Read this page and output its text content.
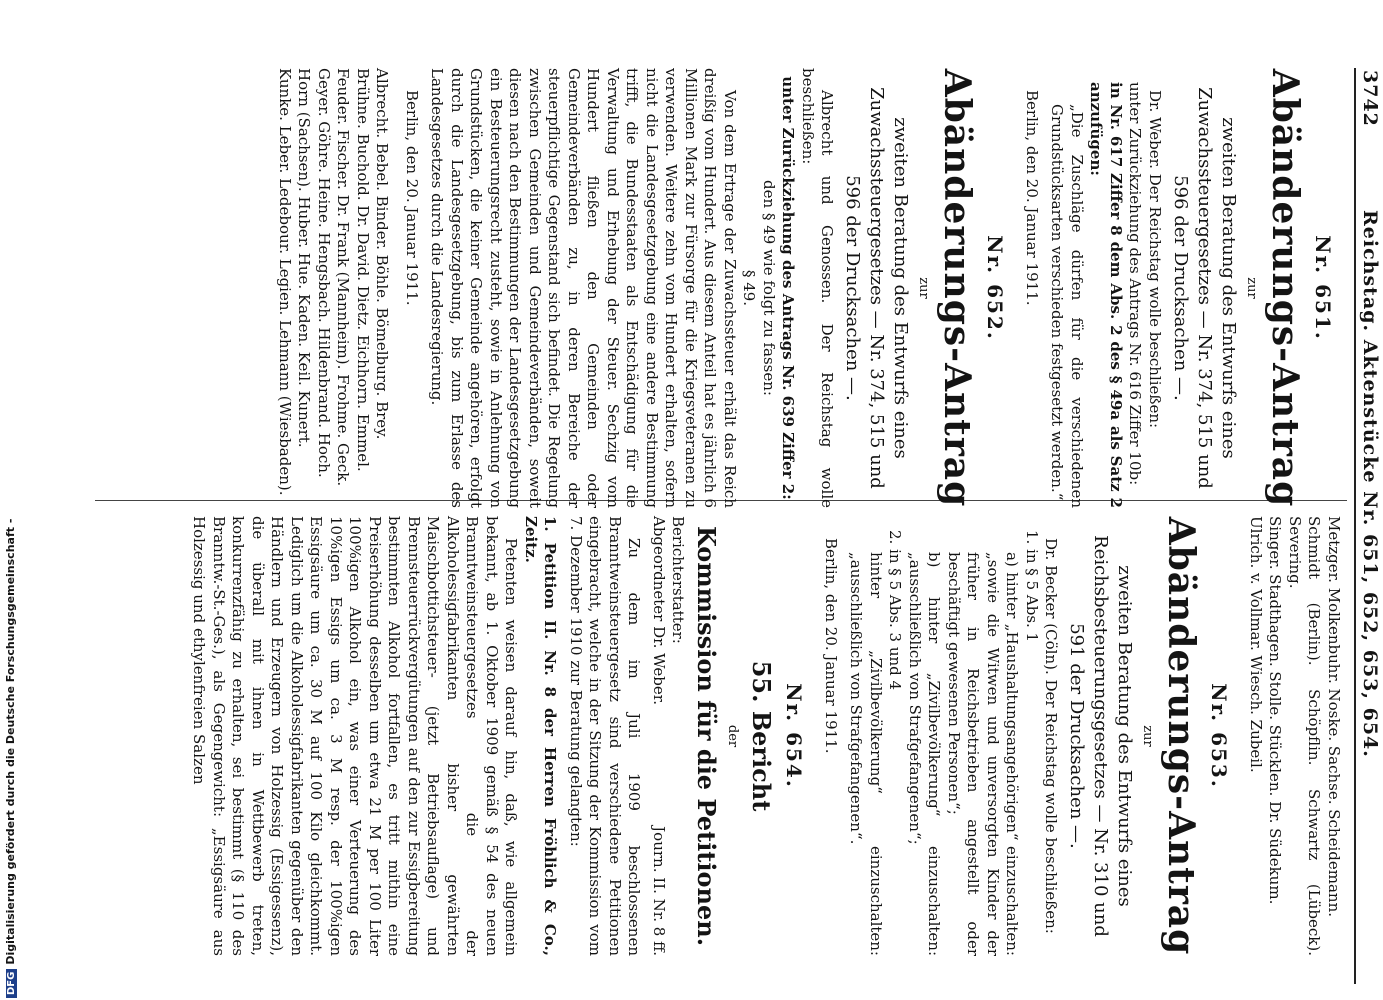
3742
Reichstag. Aktenstücke Nr. 651, 652, 653, 654.
Nr. 651.
Abänderungs-Antrag
zur

zweiten Beratung des Entwurfs eines Zuwachssteuergesetzes — Nr. 374, 515 und 596 der Drucksachen —.

Dr. Weber. Der Reichstag wolle beschließen:

unter Zurückziehung des Antrags Nr. 616 Ziffer 10b:

in Nr. 617 Ziffer 8 dem Abs. 2 des § 49a als Satz 2 anzufügen:

„Die Zuschläge dürfen für die verschiedenen Grundstücksarten verschieden festgesetzt werden.“

Berlin, den 20. Januar 1911.

Nr. 652.
Abänderungs-Antrag
zur

zweiten Beratung des Entwurfs eines Zuwachssteuergesetzes — Nr. 374, 515 und 596 der Drucksachen —.

Albrecht und Genossen. Der Reichstag wolle beschließen:

unter Zurückziehung des Antrags Nr. 639 Ziffer 2:

den § 49 wie folgt zu fassen:

§ 49.

Von dem Ertrage der Zuwachssteuer erhält das Reich dreißig vom Hundert. Aus diesem Anteil hat es jährlich 6 Millionen Mark zur Fürsorge für die Kriegsveteranen zu verwenden. Weitere zehn vom Hundert erhalten, sofern nicht die Landesgesetzgebung eine andere Bestimmung trifft, die Bundesstaaten als Entschädigung für die Verwaltung und Erhebung der Steuer. Sechzig vom Hundert fließen den Gemeinden oder Gemeindeverbänden zu, in deren Bereiche der steuerpflichtige Gegenstand sich befindet. Die Regelung zwischen Gemeinden und Gemeindeverbänden, soweit diesen nach den Bestimmungen der Landesgesetzgebung ein Besteuerungsrecht zusteht, sowie in Anlehnung von Grundstücken, die keiner Gemeinde angehören, erfolgt durch die Landesgesetzgebung, bis zum Erlasse des Landesgesetzes durch die Landesregierung.

Berlin, den 20. Januar 1911.

Albrecht. Bebel. Binder. Böhle. Bömelburg. Brey.

Brühne. Buchold. Dr. David. Dietz. Eichhorn. Emmel.

Feuder. Fischer. Dr. Frank (Mannheim). Frohme. Geck.

Geyer. Göhre. Heine. Hengsbach. Hildenbrand. Hoch.

Horn (Sachsen). Huber. Hue. Kaden. Keil. Kunert.

Kunke. Leber. Ledebour. Legien. Lehmann (Wiesbaden).

Metzger. Molkenbuhr. Noske. Sachse. Scheidemann.

Schmidt (Berlin). Schöpflin. Schwartz (Lübeck). Severing.

Singer. Stadthagen. Stolle. Stücklen. Dr. Südekum.

Ulrich. v. Vollmar. Wiesch. Zubeil.

Nr. 653.
Abänderungs-Antrag
zur

zweiten Beratung des Entwurfs eines Reichsbesteuerungsgesetzes — Nr. 310 und 591 der Drucksachen —.

Dr. Becker (Cöln). Der Reichstag wolle beschließen:

1. in § 5 Abs. 1

a) hinter „Haushaltungsangehörigen“ einzuschalten: „sowie die Witwen und unversorgten Kinder der früher in Reichsbetrieben angestellt oder beschäftigt gewesenen Personen“;

b) hinter „Zivilbevölkerung“ einzuschalten: „ausschließlich von Strafgefangenen“;

2. in § 5 Abs. 3 und 4

hinter „Zivilbevölkerung“ einzuschalten: „ausschließlich von Strafgefangenen“.

Berlin, den 20. Januar 1911.

Nr. 654.
55. Bericht
der
Kommission für die Petitionen.
Berichterstatter:
Abgeordneter Dr. Weber.
Journ. II. Nr. 8 ff.

Zu dem im Juli 1909 beschlossenen Branntweinsteuergesetz sind verschiedene Petitionen eingebracht, welche in der Sitzung der Kommission vom 7. Dezember 1910 zur Beratung gelangten:

1. Petition II. Nr. 8 der Herren Fröhlich & Co., Zeitz.

Petenten weisen darauf hin, daß, wie allgemein bekannt, ab 1. Oktober 1909 gemäß § 54 des neuen Branntweinsteuergesetzes die der Alkoholessigfabrikanten bisher gewährten Maischbottichsteuer- (jetzt Betriebsauflage) und Brennsteuerrückvergütungen auf den zur Essigbereitung bestimmten Alkohol fortfallen, es tritt mithin eine Preiserhöhung desselben um etwa 21 M per 100 Liter 100%igen Alkohol ein, was einer Verteuerung des 10%igen Essigs um ca. 3 M resp. der 100%igen Essigsäure um ca. 30 M auf 100 Kilo gleichkommt. Lediglich um die Alkoholessigfabrikanten gegenüber den Händlern und Erzeugern von Holzessig (Essigessenz), die überall mit ihnen in Wettbewerb treten, konkurrenzfähig zu erhalten, sei bestimmt (§ 110 des Branntw.-St.-Ges.), als Gegengewicht: „Essigsäure aus Holzessig und ethylenfreien Salzen

DFGDigitalisierung gefördert durch die Deutsche Forschungsgemeinschaft -
